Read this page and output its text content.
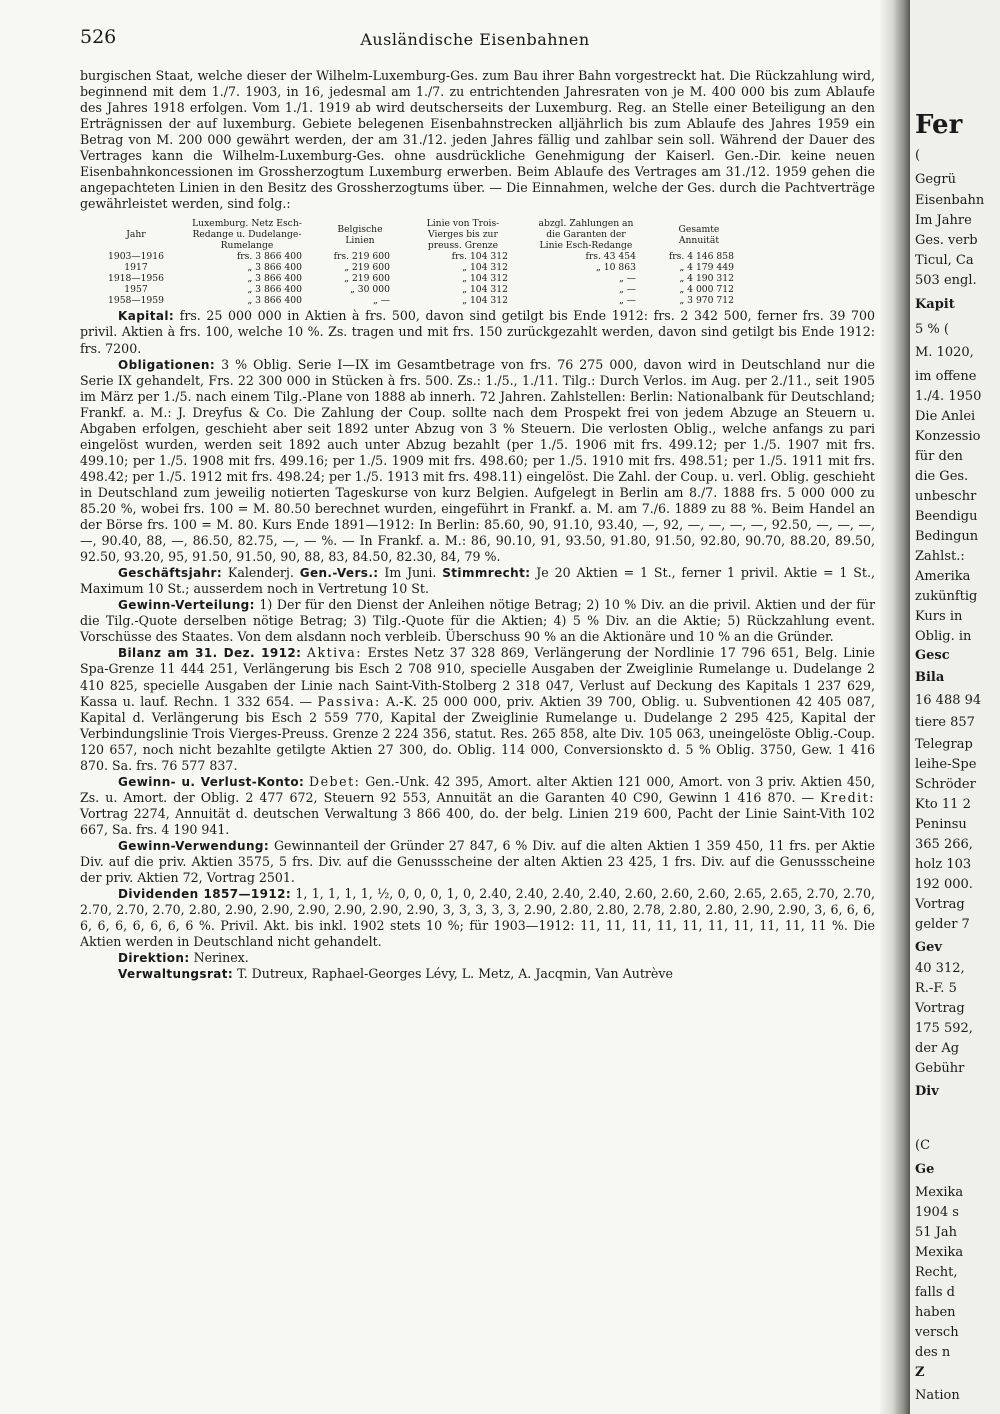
526	Ausländische Eisenbahnen

burgischen Staat, welche dieser der Wilhelm-Luxemburg-Ges. zum Bau ihrer Bahn vorgestreckt hat. Die Rückzahlung wird, beginnend mit dem 1./7. 1903, in 16, jedesmal am 1./7. zu entrichtenden Jahresraten von je M. 400 000 bis zum Ablaufe des Jahres 1918 erfolgen. Vom 1./1. 1919 ab wird deutscherseits der Luxemburg. Reg. an Stelle einer Beteiligung an den Erträgnissen der auf luxemburg. Gebiete belegenen Eisenbahnstrecken alljährlich bis zum Ablaufe des Jahres 1959 ein Betrag von M. 200 000 gewährt werden, der am 31./12. jeden Jahres fällig und zahlbar sein soll. Während der Dauer des Vertrages kann die Wilhelm-Luxemburg-Ges. ohne ausdrückliche Genehmigung der Kaiserl. Gen.-Dir. keine neuen Eisenbahnkoncessionen im Grossherzogtum Luxemburg erwerben. Beim Ablaufe des Vertrages am 31./12. 1959 gehen die angepachteten Linien in den Besitz des Grossherzogtums über. — Die Einnahmen, welche der Ges. durch die Pachtverträge gewährleistet werden, sind folg.:

Jahr	Luxemburg. Netz Esch-Redange u. Dudelange-Rumelange	Belgische Linien	Linie von Trois-Vierges bis zur preuss. Grenze	abzgl. Zahlungen an die Garanten der Linie Esch-Redange	Gesamte Annuität
1903—1916	frs. 3 866 400	frs. 219 600	frs. 104 312	frs. 43 454	frs. 4 146 858
1917	„ 3 866 400	„ 219 600	„ 104 312	„ 10 863	„ 4 179 449
1918—1956	„ 3 866 400	„ 219 600	„ 104 312	„ —	„ 4 190 312
1957	„ 3 866 400	„ 30 000	„ 104 312	„ —	„ 4 000 712
1958—1959	„ 3 866 400	„ —	„ 104 312	„ —	„ 3 970 712

Kapital: frs. 25 000 000 in Aktien à frs. 500, davon sind getilgt bis Ende 1912: frs. 2 342 500, ferner frs. 39 700 privil. Aktien à frs. 100, welche 10 %. Zs. tragen und mit frs. 150 zurückgezahlt werden, davon sind getilgt bis Ende 1912: frs. 7200.

Obligationen: 3 % Oblig. Serie I—IX im Gesamtbetrage von frs. 76 275 000, davon wird in Deutschland nur die Serie IX gehandelt, Frs. 22 300 000 in Stücken à frs. 500. Zs.: 1./5., 1./11. Tilg.: Durch Verlos. im Aug. per 2./11., seit 1905 im März per 1./5. nach einem Tilg.-Plane von 1888 ab innerh. 72 Jahren. Zahlstellen: Berlin: Nationalbank für Deutschland; Frankf. a. M.: J. Dreyfus & Co. Die Zahlung der Coup. sollte nach dem Prospekt frei von jedem Abzuge an Steuern u. Abgaben erfolgen, geschieht aber seit 1892 unter Abzug von 3 % Steuern. Die verlosten Oblig., welche anfangs zu pari eingelöst wurden, werden seit 1892 auch unter Abzug bezahlt (per 1./5. 1906 mit frs. 499.12; per 1./5. 1907 mit frs. 499.10; per 1./5. 1908 mit frs. 499.16; per 1./5. 1909 mit frs. 498.60; per 1./5. 1910 mit frs. 498.51; per 1./5. 1911 mit frs. 498.42; per 1./5. 1912 mit frs. 498.24; per 1./5. 1913 mit frs. 498.11) eingelöst. Die Zahl. der Coup. u. verl. Oblig. geschieht in Deutschland zum jeweilig notierten Tageskurse von kurz Belgien. Aufgelegt in Berlin am 8./7. 1888 frs. 5 000 000 zu 85.20 %, wobei frs. 100 = M. 80.50 berechnet wurden, eingeführt in Frankf. a. M. am 7./6. 1889 zu 88 %. Beim Handel an der Börse frs. 100 = M. 80. Kurs Ende 1891—1912: In Berlin: 85.60, 90, 91.10, 93.40, —, 92, —, —, —, —, 92.50, —, —, —, —, 90.40, 88, —, 86.50, 82.75, —, — %. — In Frankf. a. M.: 86, 90.10, 91, 93.50, 91.80, 91.50, 92.80, 90.70, 88.20, 89.50, 92.50, 93.20, 95, 91.50, 91.50, 90, 88, 83, 84.50, 82.30, 84, 79 %.

Geschäftsjahr: Kalenderj. Gen.-Vers.: Im Juni. Stimmrecht: Je 20 Aktien = 1 St., ferner 1 privil. Aktie = 1 St., Maximum 10 St.; ausserdem noch in Vertretung 10 St.

Gewinn-Verteilung: 1) Der für den Dienst der Anleihen nötige Betrag; 2) 10 % Div. an die privil. Aktien und der für die Tilg.-Quote derselben nötige Betrag; 3) Tilg.-Quote für die Aktien; 4) 5 % Div. an die Aktie; 5) Rückzahlung event. Vorschüsse des Staates. Von dem alsdann noch verbleib. Überschuss 90 % an die Aktionäre und 10 % an die Gründer.

Bilanz am 31. Dez. 1912: Aktiva: Erstes Netz 37 328 869, Verlängerung der Nordlinie 17 796 651, Belg. Linie Spa-Grenze 11 444 251, Verlängerung bis Esch 2 708 910, specielle Ausgaben der Zweiglinie Rumelange u. Dudelange 2 410 825, specielle Ausgaben der Linie nach Saint-Vith-Stolberg 2 318 047, Verlust auf Deckung des Kapitals 1 237 629, Kassa u. lauf. Rechn. 1 332 654. — Passiva: A.-K. 25 000 000, priv. Aktien 39 700, Oblig. u. Subventionen 42 405 087, Kapital d. Verlängerung bis Esch 2 559 770, Kapital der Zweiglinie Rumelange u. Dudelange 2 295 425, Kapital der Verbindungslinie Trois Vierges-Preuss. Grenze 2 224 356, statut. Res. 265 858, alte Div. 105 063, uneingelöste Oblig.-Coup. 120 657, noch nicht bezahlte getilgte Aktien 27 300, do. Oblig. 114 000, Conversionskto d. 5 % Oblig. 3750, Gew. 1 416 870. Sa. frs. 76 577 837.

Gewinn- u. Verlust-Konto: Debet: Gen.-Unk. 42 395, Amort. alter Aktien 121 000, Amort. von 3 priv. Aktien 450, Zs. u. Amort. der Oblig. 2 477 672, Steuern 92 553, Annuität an die Garanten 40 C90, Gewinn 1 416 870. — Kredit: Vortrag 2274, Annuität d. deutschen Verwaltung 3 866 400, do. der belg. Linien 219 600, Pacht der Linie Saint-Vith 102 667, Sa. frs. 4 190 941.

Gewinn-Verwendung: Gewinnanteil der Gründer 27 847, 6 % Div. auf die alten Aktien 1 359 450, 11 frs. per Aktie Div. auf die priv. Aktien 3575, 5 frs. Div. auf die Genussscheine der alten Aktien 23 425, 1 frs. Div. auf die Genussscheine der priv. Aktien 72, Vortrag 2501.

Dividenden 1857—1912: 1, 1, 1, 1, 1, ½, 0, 0, 0, 1, 0, 2.40, 2.40, 2.40, 2.40, 2.60, 2.60, 2.60, 2.65, 2.65, 2.70, 2.70, 2.70, 2.70, 2.70, 2.80, 2.90, 2.90, 2.90, 2.90, 2.90, 2.90, 3, 3, 3, 3, 3, 2.90, 2.80, 2.80, 2.78, 2.80, 2.80, 2.90, 2.90, 3, 6, 6, 6, 6, 6, 6, 6, 6, 6, 6 %. Privil. Akt. bis inkl. 1902 stets 10 %; für 1903—1912: 11, 11, 11, 11, 11, 11, 11, 11, 11, 11 %. Die Aktien werden in Deutschland nicht gehandelt.

Direktion: Nerinex.

Verwaltungsrat: T. Dutreux, Raphael-Georges Lévy, L. Metz, A. Jacqmin, Van Autrève

Fer
(
Gegrü
Eisenbahn
Im Jahre
Ges. verb
Ticul, Ca
503 engl.
Kapit
5 % (
M. 1020,
im offene
1./4. 1950
Die Anlei
Konzessio
für den
die Ges.
unbeschr
Beendigu
Bedingun
Zahlst.:
Amerika
zukünftig
Kurs in
Oblig. in
Gesc
Bila
16 488 94
tiere 857
Telegrap
leihe-Spe
Schröder
Kto 11 2
Peninsu
365 266,
holz 103
192 000.
Vortrag
gelder 7
Gev
40 312,
R.-F. 5
Vortrag
175 592,
der Ag
Gebühr
Div
(C
Ge
Mexika
1904 s
51 Jah
Mexika
Recht,
falls d
haben
versch
des n
Z
Nation
